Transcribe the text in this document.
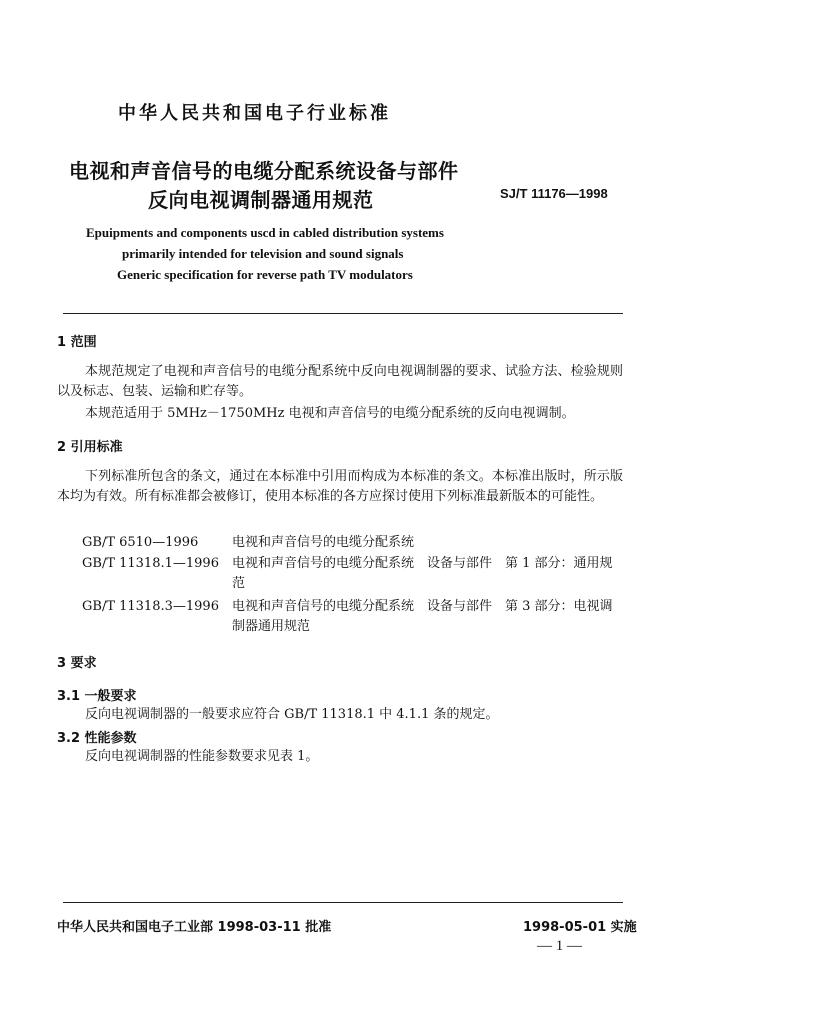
中华人民共和国电子行业标准
电视和声音信号的电缆分配系统设备与部件
反向电视调制器通用规范	SJ/T 11176—1998
Epuipments and components uscd in cabled distribution systems
primarily intended for television and sound signals
Generic specification for reverse path TV modulators
1 范围
本规范规定了电视和声音信号的电缆分配系统中反向电视调制器的要求、试验方法、检验规则以及标志、包装、运输和贮存等。
本规范适用于 5MHz－1750MHz 电视和声音信号的电缆分配系统的反向电视调制。
2 引用标准
下列标准所包含的条文，通过在本标准中引用而构成为本标准的条文。本标准出版时，所示版本均为有效。所有标准都会被修订，使用本标准的各方应探讨使用下列标准最新版本的可能性。
GB/T 6510—1996	电视和声音信号的电缆分配系统
GB/T 11318.1—1996 电视和声音信号的电缆分配系统　设备与部件　第 1 部分：通用规范
GB/T 11318.3—1996 电视和声音信号的电缆分配系统　设备与部件　第 3 部分：电视调制器通用规范
3 要求
3.1 一般要求
反向电视调制器的一般要求应符合 GB/T 11318.1 中 4.1.1 条的规定。
3.2 性能参数
反向电视调制器的性能参数要求见表 1。
中华人民共和国电子工业部 1998-03-11 批准	1998-05-01 实施
— 1 —
